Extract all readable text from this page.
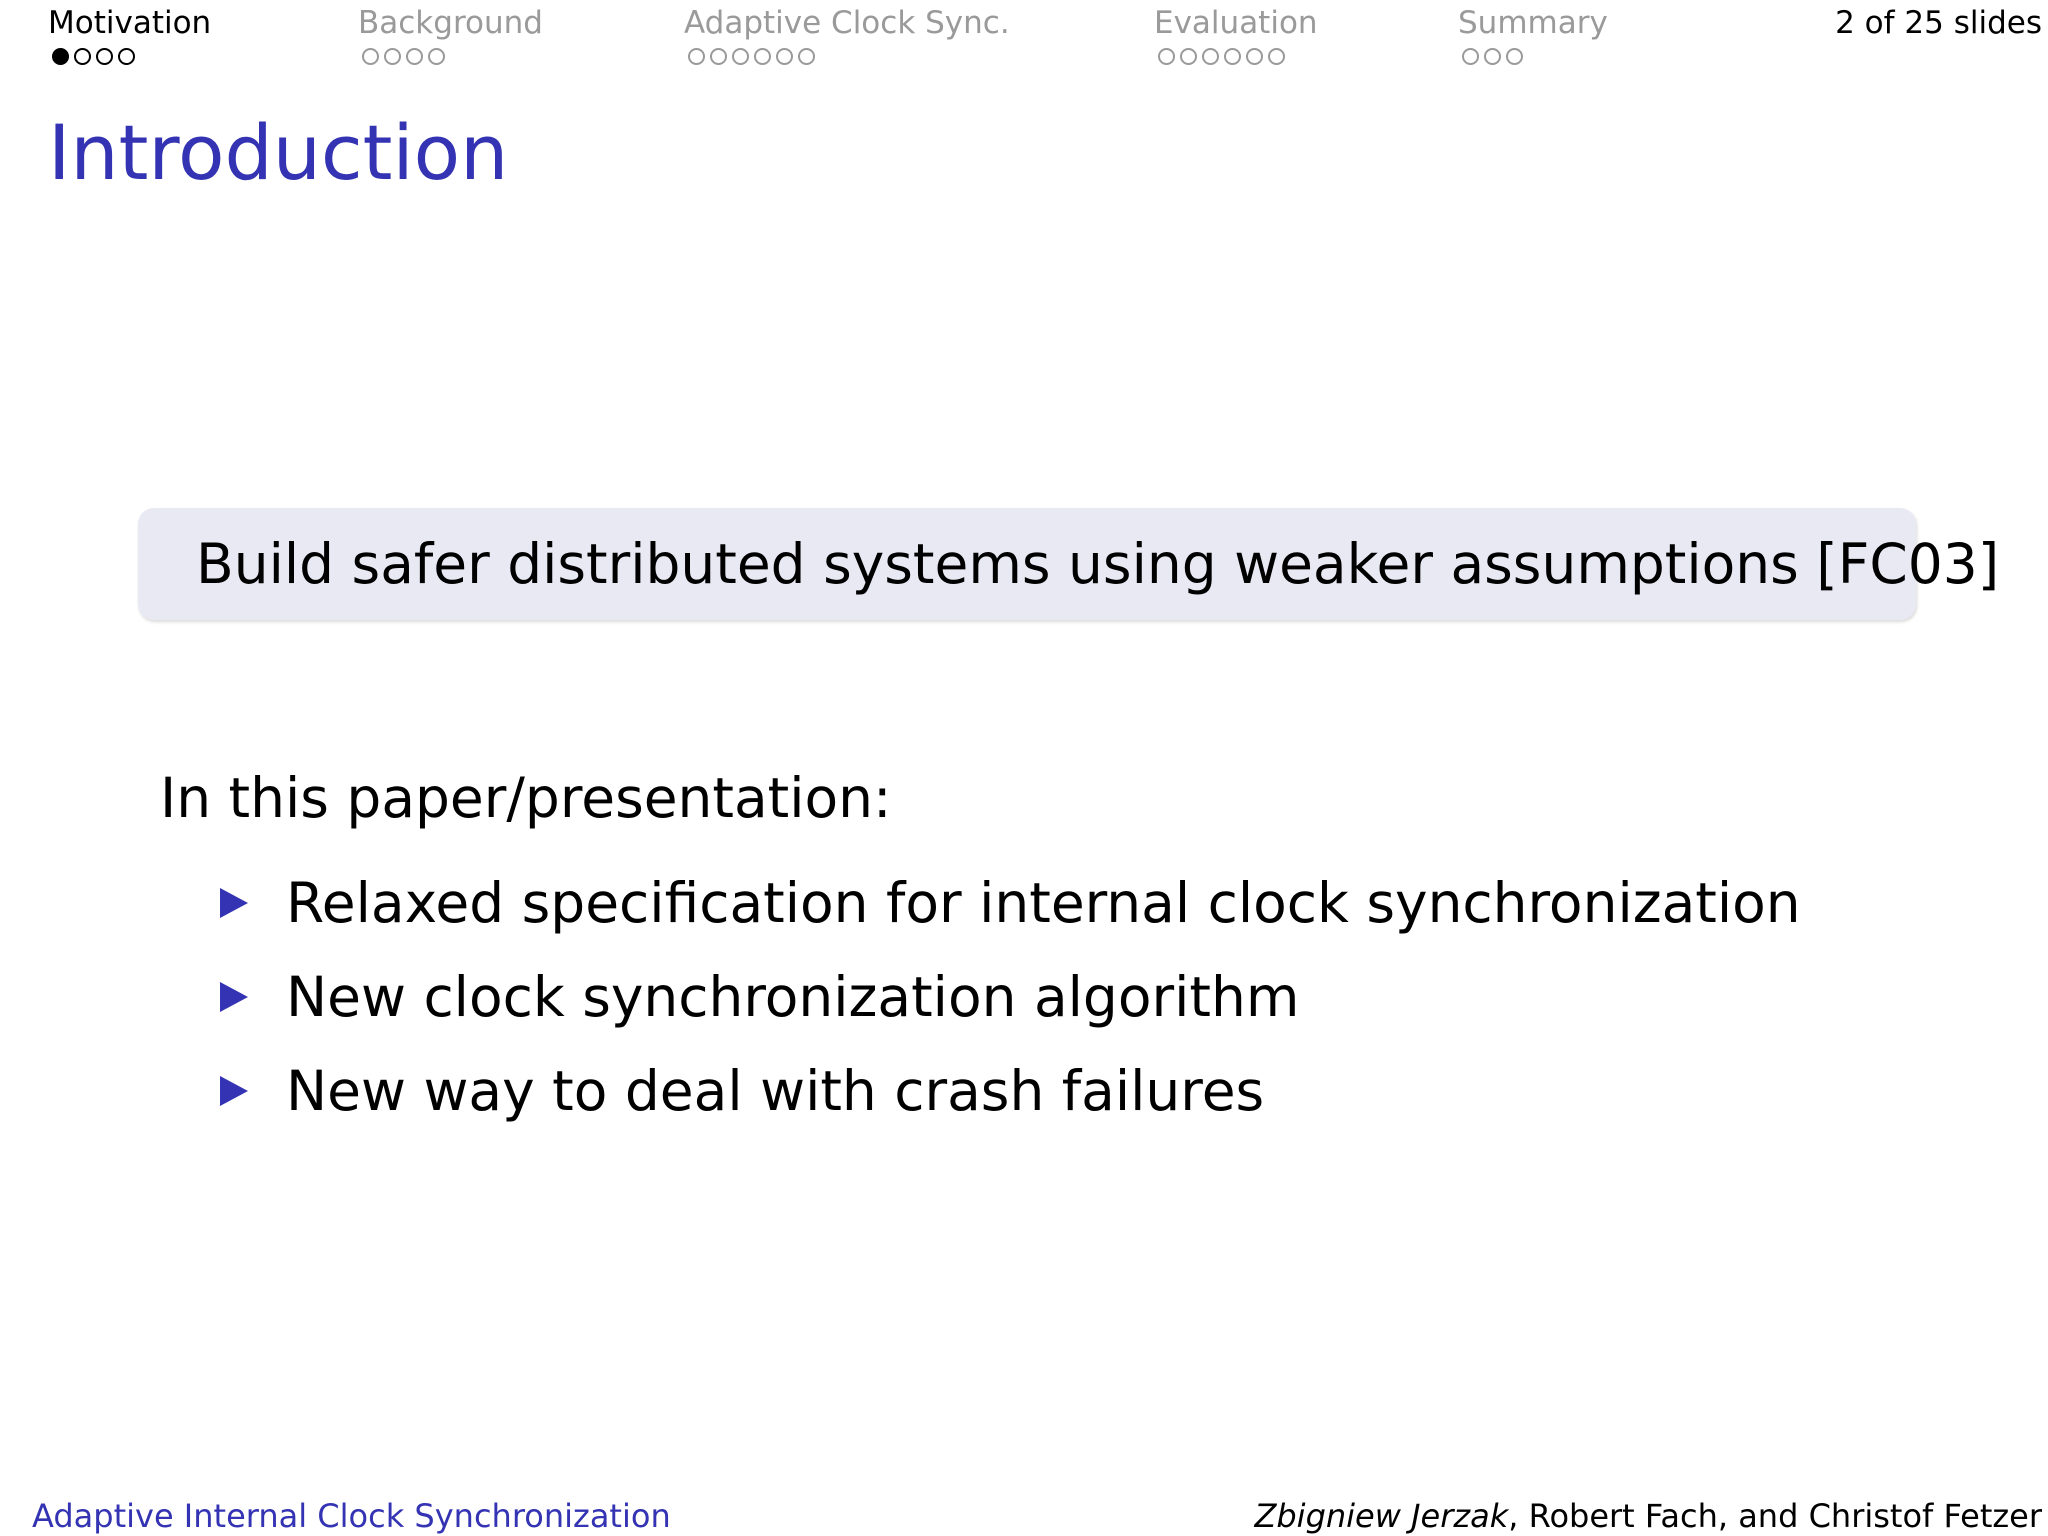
Motivation	Background	Adaptive Clock Sync.	Evaluation	Summary	2 of 25 slides
Introduction
Build safer distributed systems using weaker assumptions [FC03]
In this paper/presentation:
Relaxed specification for internal clock synchronization
New clock synchronization algorithm
New way to deal with crash failures
Adaptive Internal Clock Synchronization	Zbigniew Jerzak, Robert Fach, and Christof Fetzer
